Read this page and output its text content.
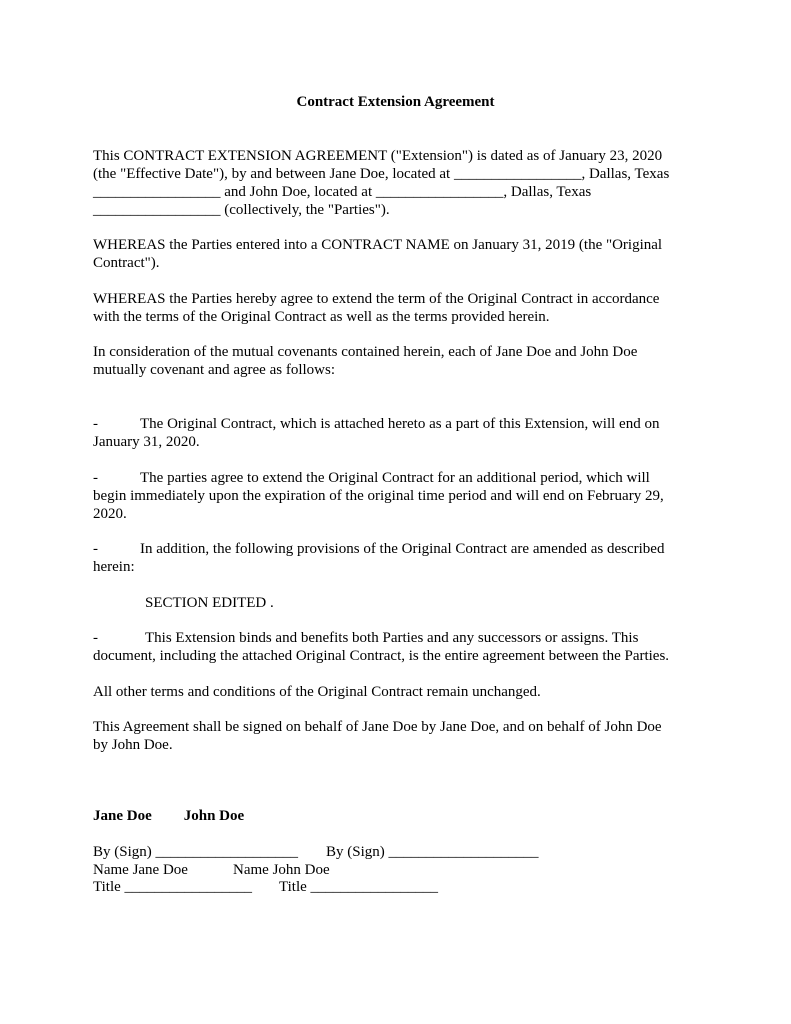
Contract Extension Agreement

This CONTRACT EXTENSION AGREEMENT ("Extension") is dated as of January 23, 2020

(the "Effective Date"), by and between Jane Doe, located at _________________, Dallas, Texas

_________________ and John Doe, located at _________________, Dallas, Texas

_________________ (collectively, the "Parties").

WHEREAS the Parties entered into a CONTRACT NAME on January 31, 2019 (the "Original

Contract").

WHEREAS the Parties hereby agree to extend the term of the Original Contract in accordance

with the terms of the Original Contract as well as the terms provided herein.

In consideration of the mutual covenants contained herein, each of Jane Doe and John Doe

mutually covenant and agree as follows:

-	The Original Contract, which is attached hereto as a part of this Extension, will end on

January 31, 2020.

-	The parties agree to extend the Original Contract for an additional period, which will

begin immediately upon the expiration of the original time period and will end on February 29,

2020.

-	In addition, the following provisions of the Original Contract are amended as described

herein:

SECTION EDITED .

-	This Extension binds and benefits both Parties and any successors or assigns. This

document, including the attached Original Contract, is the entire agreement between the Parties.

All other terms and conditions of the Original Contract remain unchanged.

This Agreement shall be signed on behalf of Jane Doe by Jane Doe, and on behalf of John Doe

by John Doe.

Jane Doe John Doe
By (Sign) ___________________ By (Sign) ____________________
Name Jane Doe	Name John Doe
Title _________________ Title _________________
